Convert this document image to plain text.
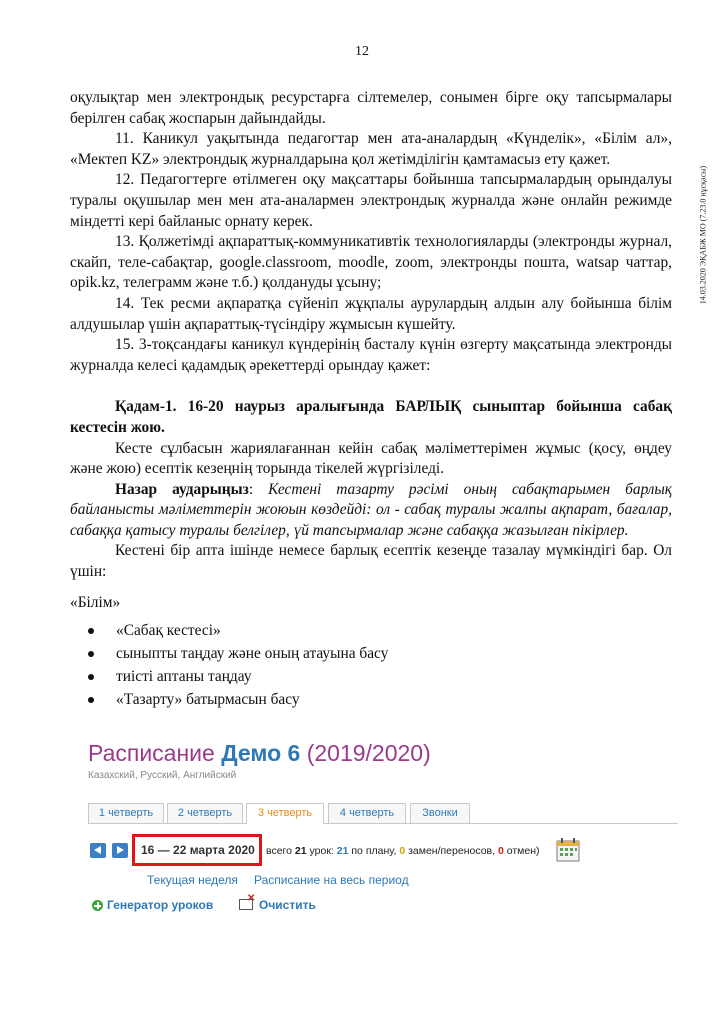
12
14.03.2020 ЭҚАБЖ МО (7.23.0 нұсқасы)

оқулықтар мен электрондық ресурстарға сілтемелер, сонымен бірге оқу тапсырмалары берілген сабақ жоспарын дайындайды.

11. Каникул уақытында педагогтар мен ата-аналардың «Күнделік», «Білім ал», «Мектеп KZ» электрондық журналдарына қол жетімділігін қамтамасыз ету қажет.

12. Педагогтерге өтілмеген оқу мақсаттары бойынша тапсырмалардың орындалуы туралы оқушылар мен мен ата-аналармен электрондық журналда және онлайн режимде міндетті кері байланыс орнату керек.

13. Қолжетімді ақпараттық-коммуникативтік технологияларды (электронды журнал, скайп, теле-сабақтар, google.classroom, moodle, zoom, электронды пошта, watsap чаттар, opik.kz, телеграмм және т.б.) қолдануды ұсыну;

14. Тек ресми ақпаратқа сүйеніп жұқпалы аурулардың алдын алу бойынша білім алдушылар үшін ақпараттық-түсіндіру жұмысын күшейту.

15. 3-тоқсандағы каникул күндерінің басталу күнін өзгерту мақсатында электронды журналда келесі қадамдық әрекеттерді орындау қажет:

Қадам-1. 16-20 наурыз аралығында БАРЛЫҚ сыныптар бойынша сабақ кестесін жою.

Кесте сұлбасын жариялағаннан кейін сабақ мәліметтерімен жұмыс (қосу, өңдеу және жою) есептік кезеңнің торында тікелей жүргізіледі.

Назар аударыңыз: Кестені тазарту рәсімі оның сабақтарымен барлық байланысты мәліметтерін жоюын көздейді: ол - сабақ туралы жалпы ақпарат, бағалар, сабаққа қатысу туралы белгілер, үй тапсырмалар және сабаққа жазылған пікірлер.

Кестені бір апта ішінде немесе барлық есептік кезеңде тазалау мүмкіндігі бар. Ол үшін:

«Білім»

«Сабақ кестесі»
сыныпты таңдау және оның атауына басу
тиісті аптаны таңдау
«Тазарту» батырмасын басу
Расписание Демо 6 (2019/2020)
Казахский, Русский, Английский
1 четверть	2 четверть	3 четверть	4 четверть	Звонки
16 — 22 марта 2020 всего 21 урок: 21 по плану, 0 замен/переносов, 0 отмен)
Текущая неделя Расписание на весь период
Генератор уроков	✕ Очистить
